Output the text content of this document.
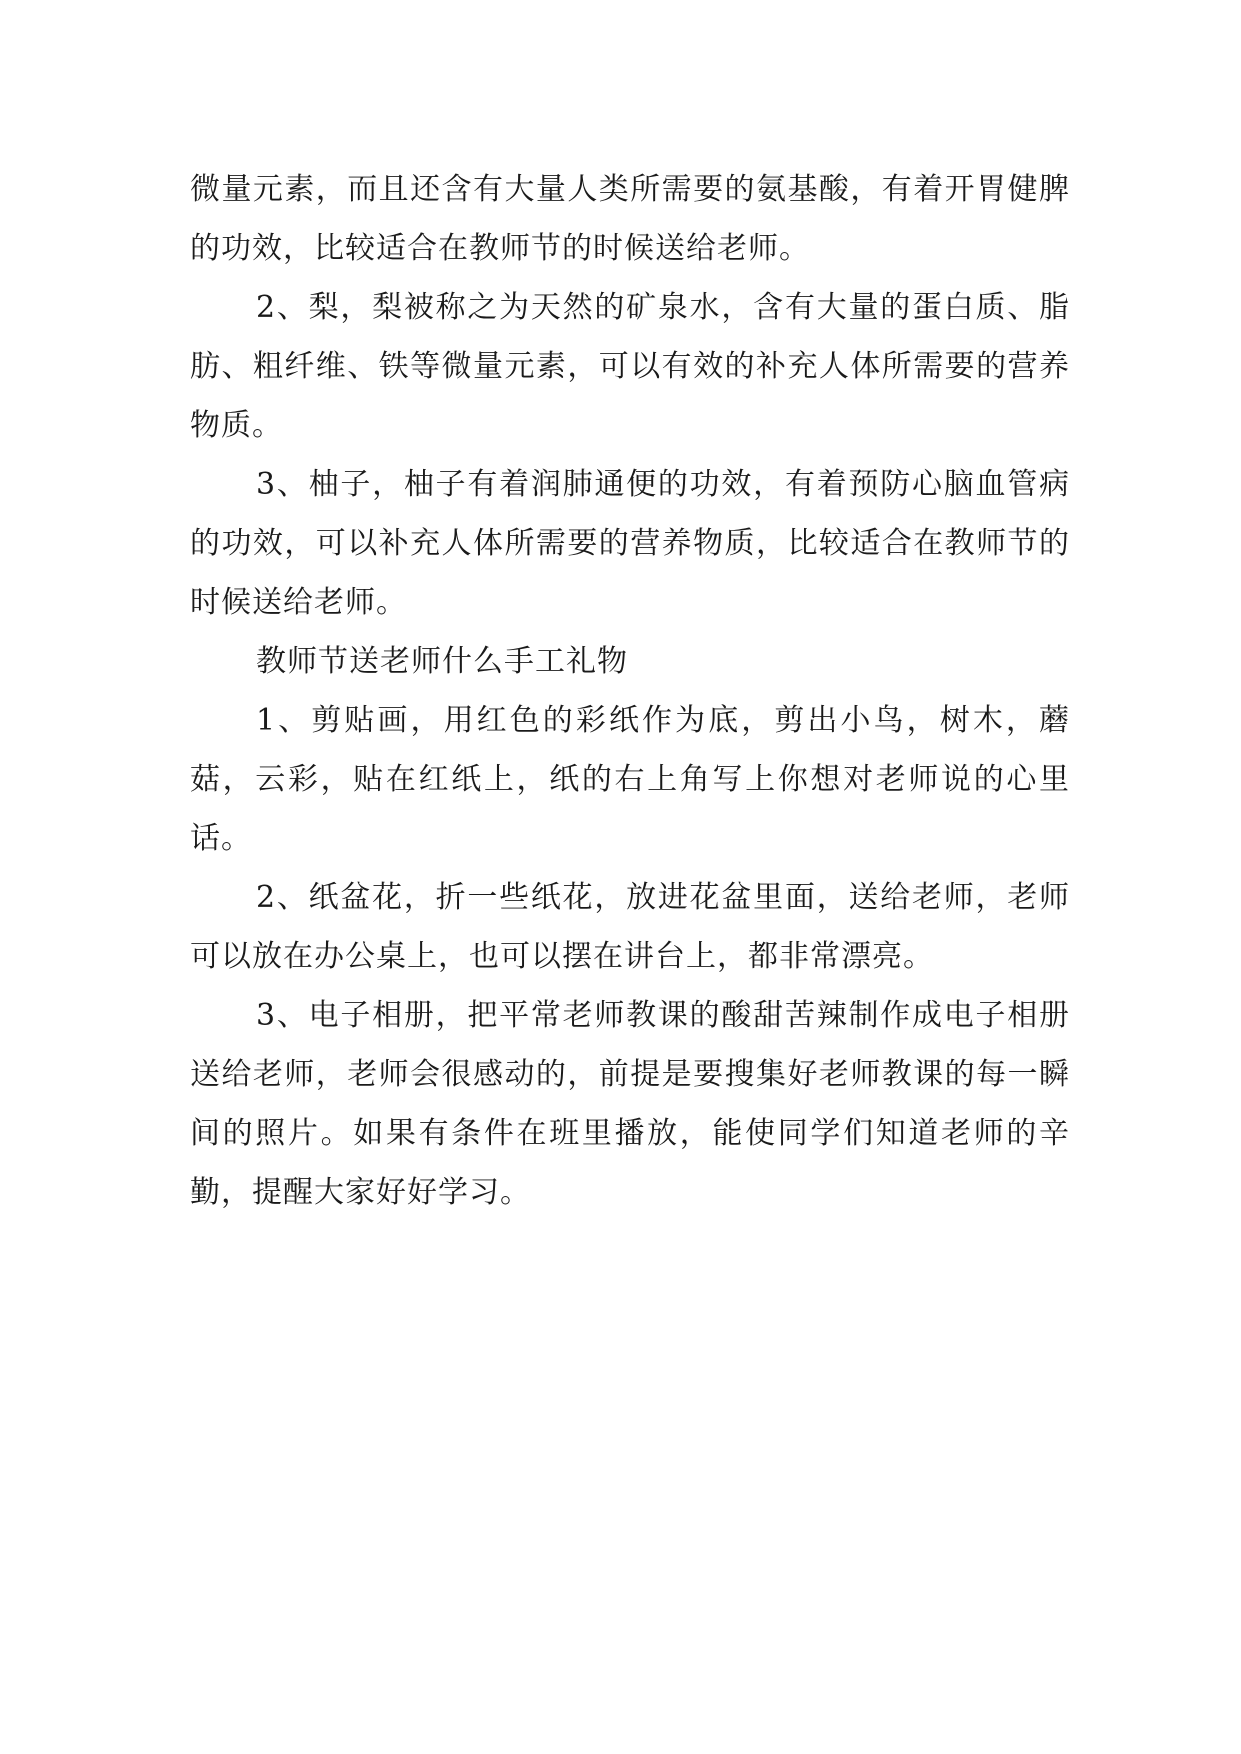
微量元素，而且还含有大量人类所需要的氨基酸，有着开胃健脾的功效，比较适合在教师节的时候送给老师。

2、梨，梨被称之为天然的矿泉水，含有大量的蛋白质、脂肪、粗纤维、铁等微量元素，可以有效的补充人体所需要的营养物质。

3、柚子，柚子有着润肺通便的功效，有着预防心脑血管病的功效，可以补充人体所需要的营养物质，比较适合在教师节的时候送给老师。

教师节送老师什么手工礼物

1、剪贴画，用红色的彩纸作为底，剪出小鸟，树木，蘑菇，云彩，贴在红纸上，纸的右上角写上你想对老师说的心里话。

2、纸盆花，折一些纸花，放进花盆里面，送给老师，老师可以放在办公桌上，也可以摆在讲台上，都非常漂亮。

3、电子相册，把平常老师教课的酸甜苦辣制作成电子相册送给老师，老师会很感动的，前提是要搜集好老师教课的每一瞬间的照片。如果有条件在班里播放，能使同学们知道老师的辛勤，提醒大家好好学习。
